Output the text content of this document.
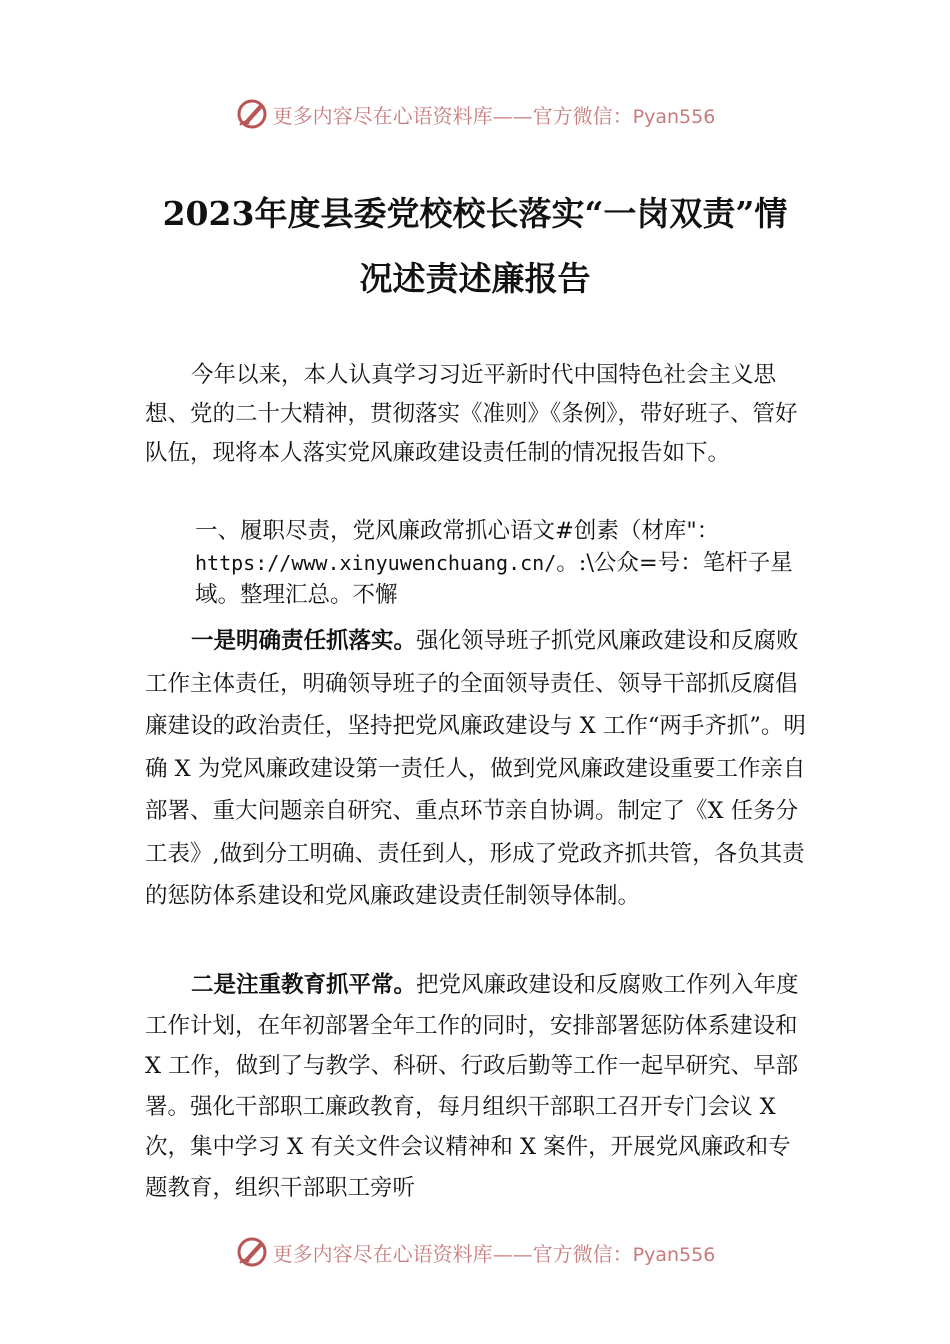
更多内容尽在心语资料库——官方微信：Pyan556
2023年度县委党校校长落实“一岗双责”情
况述责述廉报告
今年以来，本人认真学习习近平新时代中国特色社会主义思想、党的二十大精神，贯彻落实《准则》《条例》，带好班子、管好队伍，现将本人落实党风廉政建设责任制的情况报告如下。
一、履职尽责，党风廉政常抓心语文#创素（材库"：
https://www.xinyuwenchuang.cn/。:\公众=号：笔杆子星域。整理汇总。不懈
一是明确责任抓落实。强化领导班子抓党风廉政建设和反腐败工作主体责任，明确领导班子的全面领导责任、领导干部抓反腐倡廉建设的政治责任，坚持把党风廉政建设与 X 工作“两手齐抓”。明确 X 为党风廉政建设第一责任人，做到党风廉政建设重要工作亲自部署、重大问题亲自研究、重点环节亲自协调。制定了《X 任务分工表》,做到分工明确、责任到人，形成了党政齐抓共管，各负其责的惩防体系建设和党风廉政建设责任制领导体制。
二是注重教育抓平常。把党风廉政建设和反腐败工作列入年度工作计划，在年初部署全年工作的同时，安排部署惩防体系建设和 X 工作，做到了与教学、科研、行政后勤等工作一起早研究、早部署。强化干部职工廉政教育，每月组织干部职工召开专门会议 X 次，集中学习 X 有关文件会议精神和 X 案件，开展党风廉政和专题教育，组织干部职工旁听
更多内容尽在心语资料库——官方微信：Pyan556
